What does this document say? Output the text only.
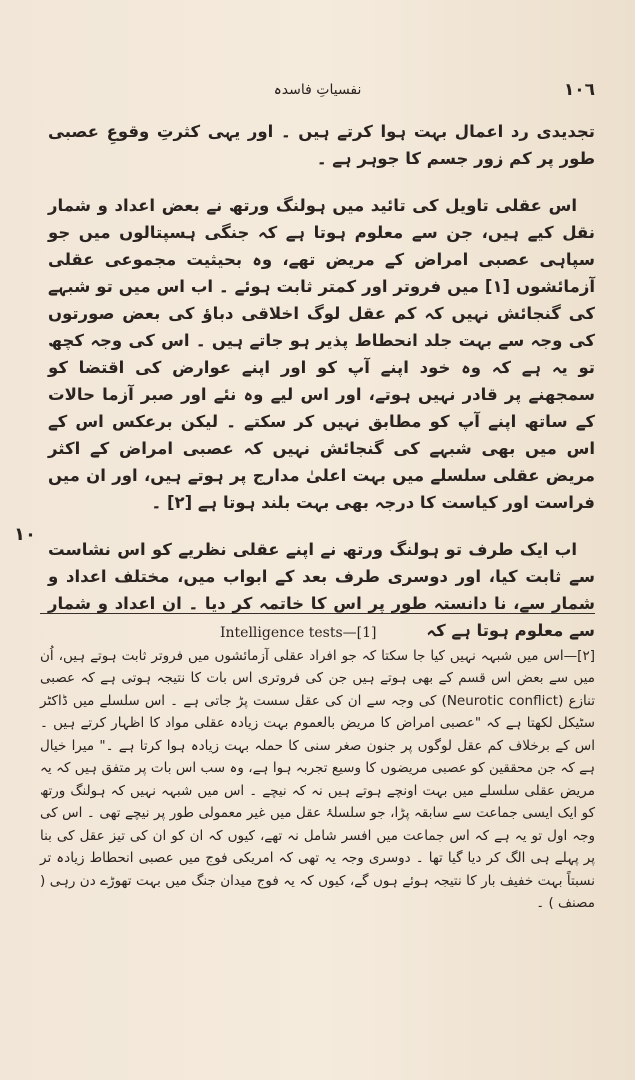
١٠٦
نفسیاتِ فاسدہ

تجدیدی رد اعمال بہت ہوا کرتے ہیں ۔ اور یہی کثرتِ وقوعِ عصبی طور پر کم زور جسم کا جوہر ہے ۔

اس عقلی تاویل کی تائید میں ہولنگ ورتھ نے بعض اعداد و شمار نقل کیے ہیں، جن سے معلوم ہوتا ہے کہ جنگی ہسپتالوں میں جو سپاہی عصبی امراض کے مریض تھے، وہ بحیثیت مجموعی عقلی آزمائشوں [۱] میں فروتر اور کمتر ثابت ہوئے ۔ اب اس میں تو شبہے کی گنجائش نہیں کہ کم عقل لوگ اخلاقی دباؤ کی بعض صورتوں کی وجہ سے بہت جلد انحطاط پذیر ہو جاتے ہیں ۔ اس کی وجہ کچھ تو یہ ہے کہ وہ خود اپنے آپ کو اور اپنے عوارض کی اقتضا کو سمجھنے پر قادر نہیں ہوتے، اور اس لیے وہ نئے اور صبر آزما حالات کے ساتھ اپنے آپ کو مطابق نہیں کر سکتے ۔ لیکن برعکس اس کے اس میں بھی شبہے کی گنجائش نہیں کہ عصبی امراض کے اکثر مریض عقلی سلسلے میں بہت اعلیٰ مدارج پر ہوتے ہیں، اور ان میں فراست اور کیاست کا درجہ بھی بہت بلند ہوتا ہے [۲] ۔

اب ایک طرف تو ہولنگ ورتھ نے اپنے عقلی نظریے کو اس نشاست سے ثابت کیا، اور دوسری طرف بعد کے ابواب میں، مختلف اعداد و شمار سے، نا دانستہ طور پر اس کا خاتمہ کر دیا ۔ ان اعداد و شمار سے معلوم ہوتا ہے کہ

۱۰

Intelligence tests—[1]

[۲]—اس میں شبہہ نہیں کیا جا سکتا کہ جو افراد عقلی آزمائشوں میں فروتر ثابت ہوتے ہیں، اُن میں سے بعض اس قسم کے بھی ہوتے ہیں جن کی فروتری اس بات کا نتیجہ ہوتی ہے کہ عصبی تنازع (Neurotic conflict) کی وجہ سے ان کی عقل سست پڑ جاتی ہے ۔ اس سلسلے میں ڈاکٹر سٹیکل لکھتا ہے کہ "عصبی امراض کا مریض بالعموم بہت زیادہ عقلی مواد کا اظہار کرتے ہیں ۔ اس کے برخلاف کم عقل لوگوں پر جنون صغر سنی کا حملہ بہت زیادہ ہوا کرتا ہے ۔" میرا خیال ہے کہ جن محققین کو عصبی مریضوں کا وسیع تجربہ ہوا ہے، وہ سب اس بات پر متفق ہیں کہ یہ مریض عقلی سلسلے میں بہت اونچے ہوتے ہیں نہ کہ نیچے ۔ اس میں شبہہ نہیں کہ ہولنگ ورتھ کو ایک ایسی جماعت سے سابقہ پڑا، جو سلسلۂ عقل میں غیر معمولی طور پر نیچے تھی ۔ اس کی وجہ اول تو یہ ہے کہ اس جماعت میں افسر شامل نہ تھے، کیوں کہ ان کو ان کی تیز عقل کی بنا پر پہلے ہی الگ کر دیا گیا تھا ۔ دوسری وجہ یہ تھی کہ امریکی فوج میں عصبی انحطاط زیادہ تر نسبتاً بہت خفیف بار کا نتیجہ ہوئے ہوں گے، کیوں کہ یہ فوج میدان جنگ میں بہت تھوڑے دن رہی ( مصنف ) ۔
